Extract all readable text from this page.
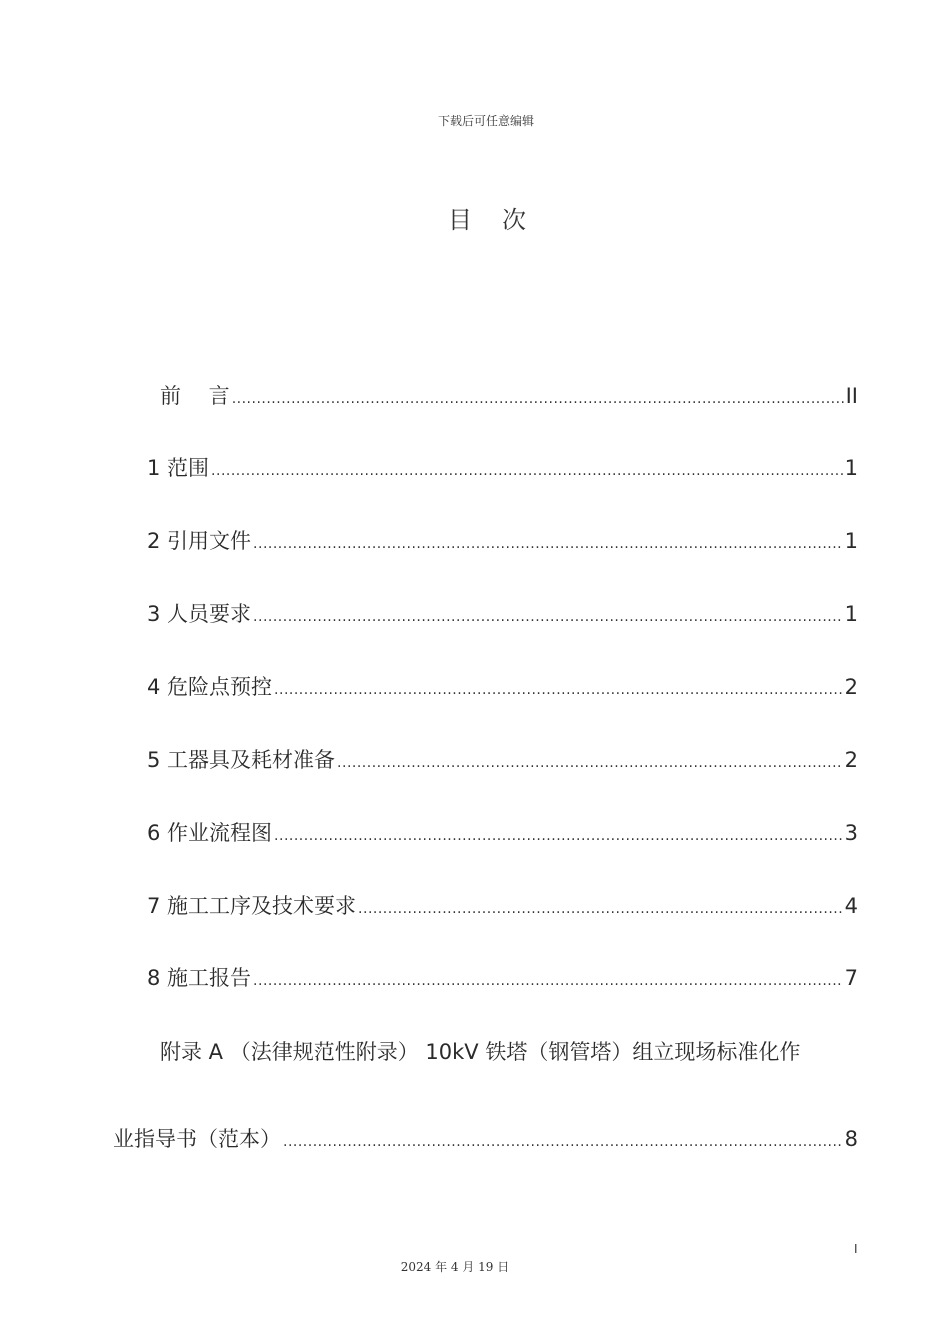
下载后可任意编辑
目 次
前　 言 .....	II
1 范围 .....	1
2 引用文件 .....	1
3 人员要求 .....	1
4 危险点预控 .....	2
5 工器具及耗材准备 .....	2
6 作业流程图 .....	3
7 施工工序及技术要求 .....	4
8 施工报告 .....	7
附录 A （法律规范性附录） 10kV 铁塔（钢管塔）组立现场标准化作
业指导书（范本） .....	8
I
2024 年 4 月 19 日
